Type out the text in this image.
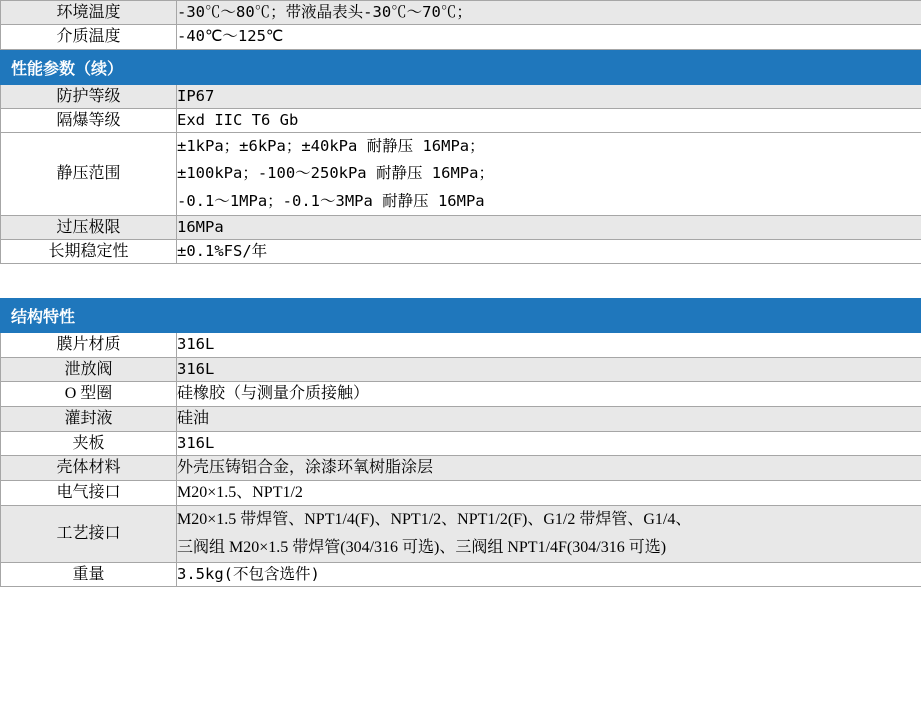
环境温度	-30℃～80℃；带液晶表头-30℃～70℃；
介质温度	-40℃～125℃
性能参数（续）	
防护等级	IP67
隔爆等级	Exd IIC T6 Gb
静压范围	±1kPa；±6kPa；±40kPa 耐静压 16MPa；
±100kPa；-100～250kPa 耐静压 16MPa；
-0.1～1MPa；-0.1～3MPa 耐静压 16MPa

过压极限	16MPa
长期稳定性	±0.1%FS/年
结构特性	
膜片材质	316L
泄放阀	316L
O 型圈	硅橡胶（与测量介质接触）
灌封液	硅油
夹板	316L
壳体材料	外壳压铸铝合金，涂漆环氧树脂涂层
电气接口	M20×1.5、NPT1/2
工艺接口	M20×1.5 带焊管、NPT1/4(F)、NPT1/2、NPT1/2(F)、G1/2 带焊管、G1/4、
三阀组 M20×1.5 带焊管(304/316 可选)、三阀组 NPT1/4F(304/316 可选)

重量	3.5kg(不包含选件)
